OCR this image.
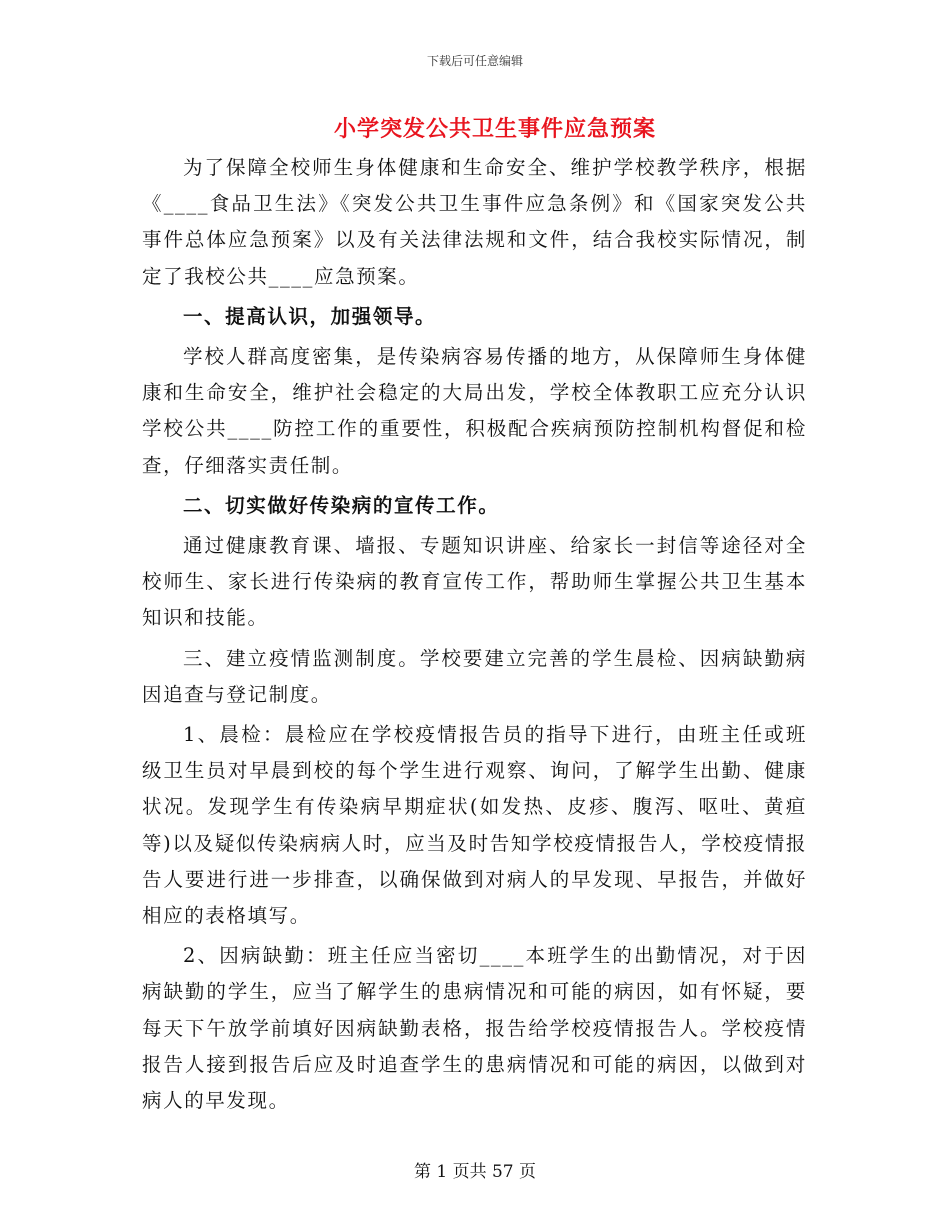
下载后可任意编辑
小学突发公共卫生事件应急预案

为了保障全校师生身体健康和生命安全、维护学校教学秩序，根据《____食品卫生法》《突发公共卫生事件应急条例》和《国家突发公共事件总体应急预案》以及有关法律法规和文件，结合我校实际情况，制定了我校公共____应急预案。

一、提高认识，加强领导。

学校人群高度密集，是传染病容易传播的地方，从保障师生身体健康和生命安全，维护社会稳定的大局出发，学校全体教职工应充分认识学校公共____防控工作的重要性，积极配合疾病预防控制机构督促和检查，仔细落实责任制。

二、切实做好传染病的宣传工作。

通过健康教育课、墙报、专题知识讲座、给家长一封信等途径对全校师生、家长进行传染病的教育宣传工作，帮助师生掌握公共卫生基本知识和技能。

三、建立疫情监测制度。学校要建立完善的学生晨检、因病缺勤病因追查与登记制度。

1、晨检：晨检应在学校疫情报告员的指导下进行，由班主任或班级卫生员对早晨到校的每个学生进行观察、询问，了解学生出勤、健康状况。发现学生有传染病早期症状(如发热、皮疹、腹泻、呕吐、黄疸等)以及疑似传染病病人时，应当及时告知学校疫情报告人，学校疫情报告人要进行进一步排查，以确保做到对病人的早发现、早报告，并做好相应的表格填写。

2、因病缺勤：班主任应当密切____本班学生的出勤情况，对于因病缺勤的学生，应当了解学生的患病情况和可能的病因，如有怀疑，要每天下午放学前填好因病缺勤表格，报告给学校疫情报告人。学校疫情报告人接到报告后应及时追查学生的患病情况和可能的病因，以做到对病人的早发现。

第 1 页共 57 页
